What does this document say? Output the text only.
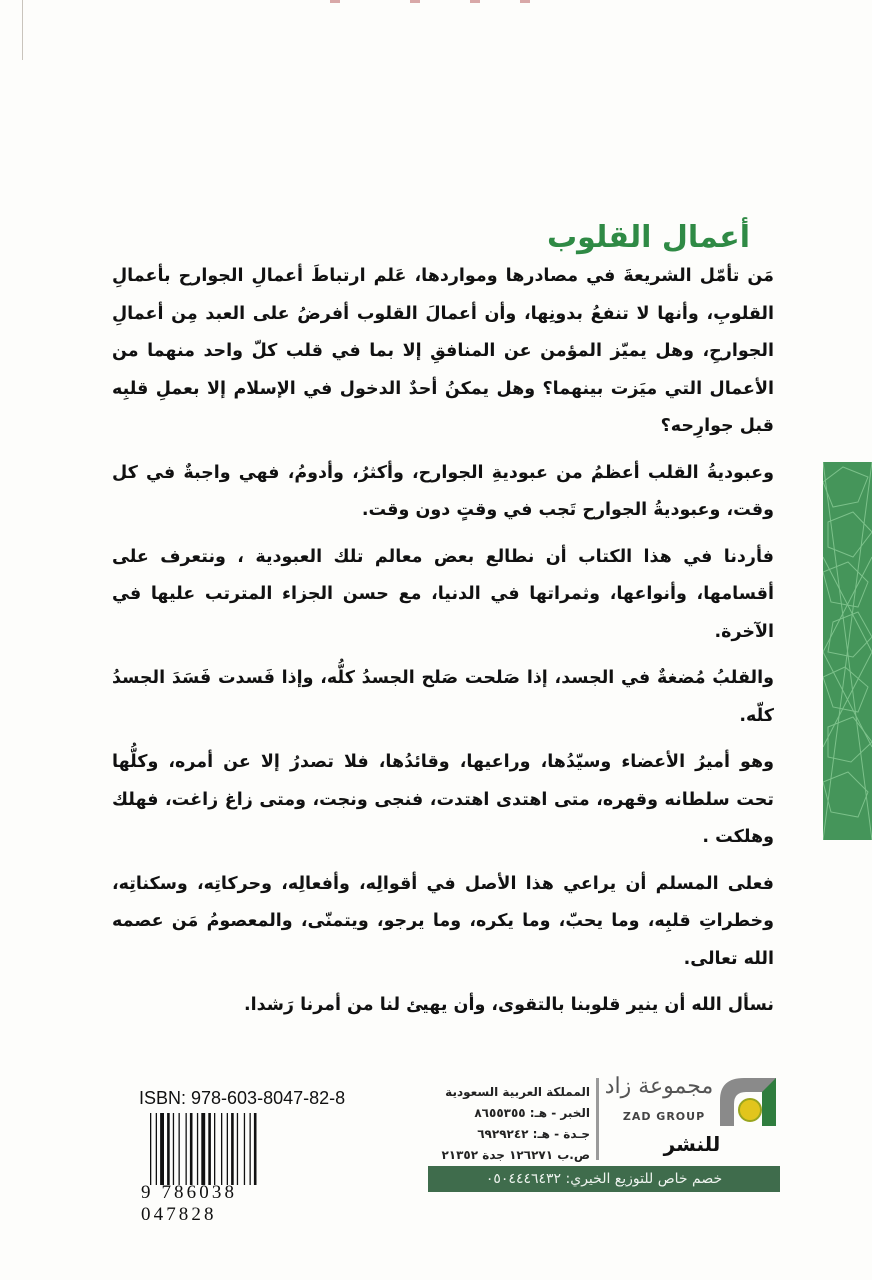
أعمال القلوب

مَن تأمّل الشريعةَ في مصادرها ومواردها، عَلم ارتباطَ أعمالِ الجوارح بأعمالِ القلوبِ، وأنها لا تنفعُ بدونِها، وأن أعمالَ القلوب أفرضُ على العبد مِن أعمالِ الجوارحِ، وهل يميّز المؤمن عن المنافقِ إلا بما في قلب كلّ واحد منهما من الأعمال التي ميَزت بينهما؟ وهل يمكنُ أحدٌ الدخول في الإسلام إلا بعملِ قلبِه قبل جوارِحه؟

وعبوديةُ القلب أعظمُ من عبوديةِ الجوارح، وأكثرُ، وأدومُ، فهي واجبةٌ في كل وقت، وعبوديةُ الجوارح تَجب في وقتٍ دون وقت.

فأردنا في هذا الكتاب أن نطالع بعض معالم تلك العبودية ، ونتعرف على أقسامها، وأنواعها، وثمراتها في الدنيا، مع حسن الجزاء المترتب عليها في الآخرة.

والقلبُ مُضغةٌ في الجسد، إذا صَلحت صَلح الجسدُ كلُّه، وإذا فَسدت فَسَدَ الجسدُ كلّه.

وهو أميرُ الأعضاء وسيّدُها، وراعيها، وقائدُها، فلا تصدرُ إلا عن أمره، وكلُّها تحت سلطانه وقهره، متى اهتدى اهتدت، فنجى ونجت، ومتى زاغ زاغت، فهلك وهلكت .

فعلى المسلم أن يراعي هذا الأصل في أقوالِه، وأفعالِه، وحركاتِه، وسكناتِه، وخطراتِ قلبِه، وما يحبّ، وما يكره، وما يرجو، ويتمنّى، والمعصومُ مَن عصمه الله تعالى.

نسأل الله أن ينير قلوبنا بالتقوى، وأن يهيئ لنا من أمرنا رَشدا.

ISBN: 978-603-8047-82-8
9 786038 047828
المملكة العربية السعودية
الخبر - هـ: ٨٦٥٥٣٥٥
جـدة - هـ: ٦٩٢٩٢٤٢
ص.ب ١٢٦٢٧١ جدة ٢١٣٥٢
مجموعة زاد
ZAD GROUP
للنشر
خصم خاص للتوزيع الخيري: ٠٥٠٤٤٤٦٤٣٢
